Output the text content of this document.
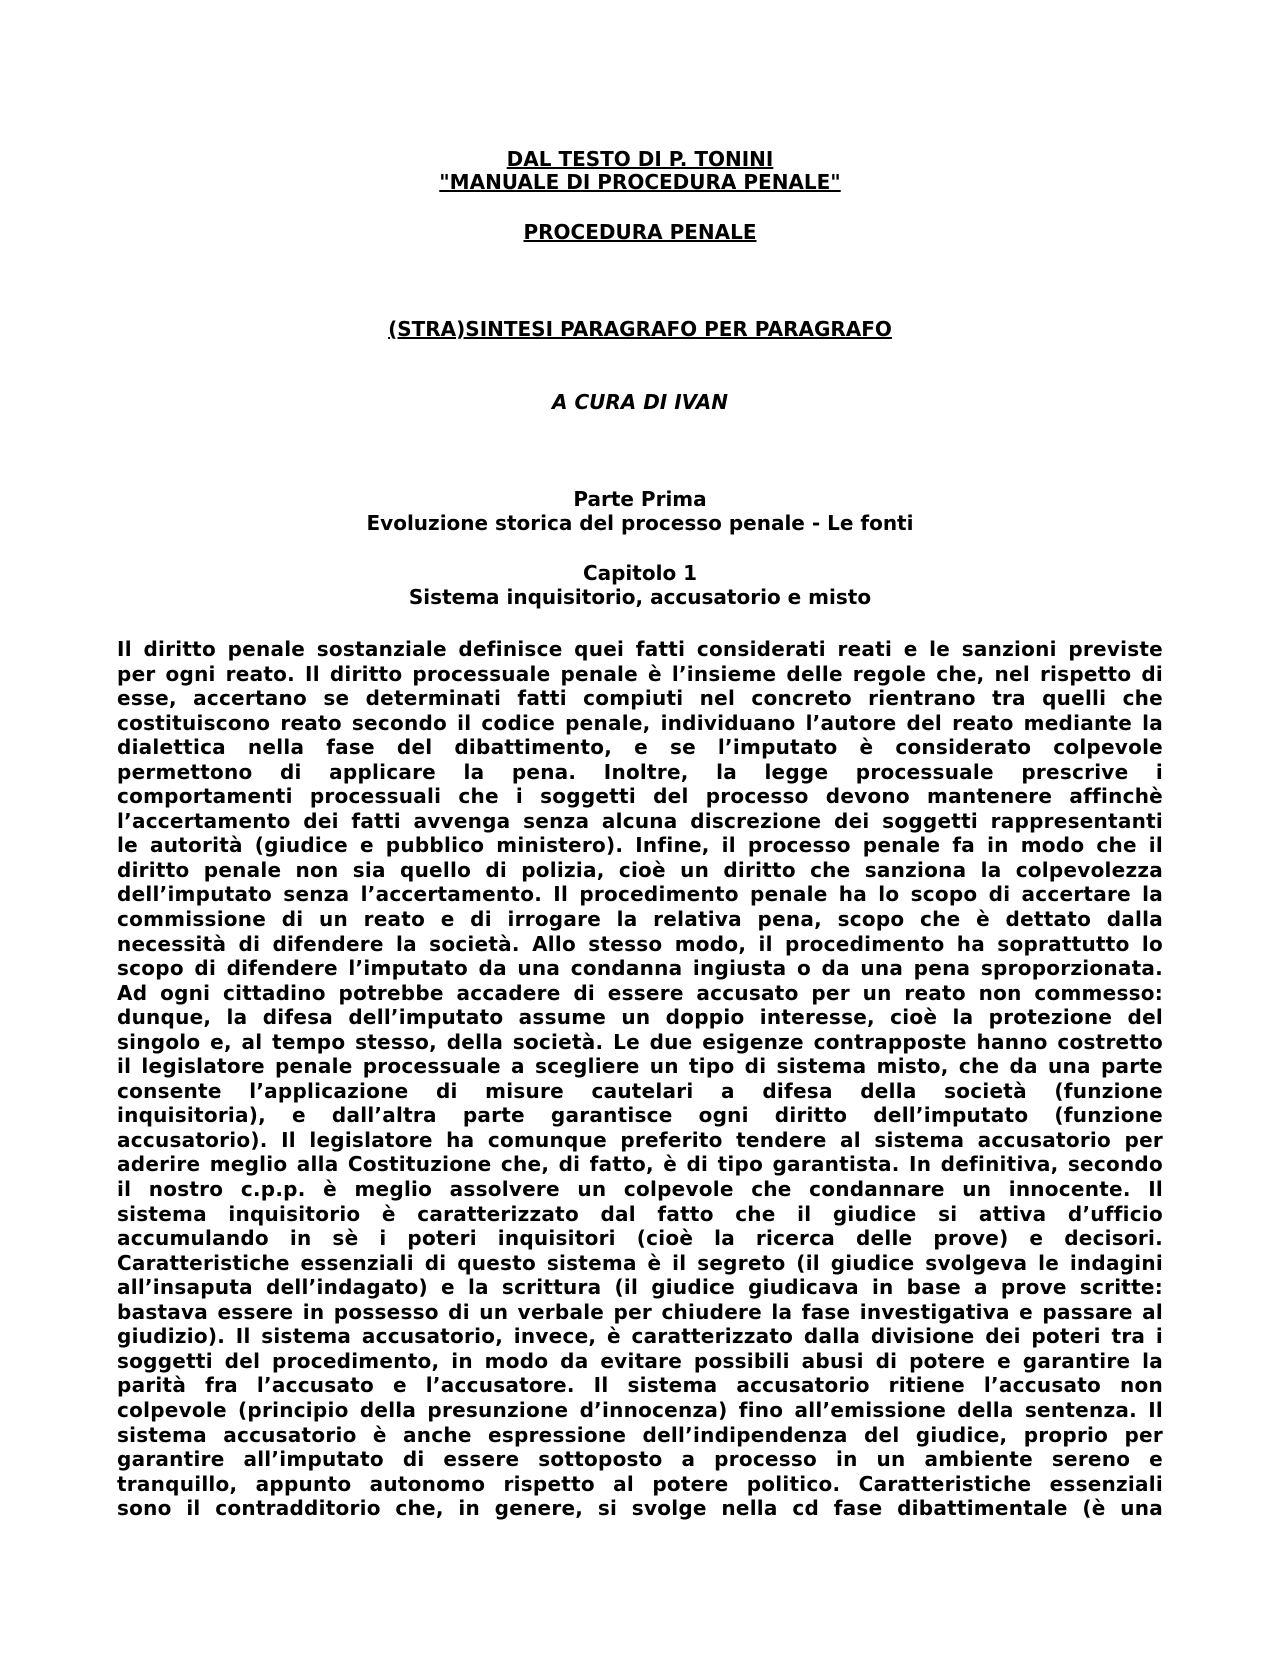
DAL TESTO DI P. TONINI
"MANUALE DI PROCEDURA PENALE"
PROCEDURA PENALE
(STRA)SINTESI PARAGRAFO PER PARAGRAFO
A CURA DI IVAN
Parte Prima
Evoluzione storica del processo penale - Le fonti
Capitolo 1
Sistema inquisitorio, accusatorio e misto
Il diritto penale sostanziale definisce quei fatti considerati reati e le sanzioni previste
per ogni reato. Il diritto processuale penale è l’insieme delle regole che, nel rispetto di
esse, accertano se determinati fatti compiuti nel concreto rientrano tra quelli che
costituiscono reato secondo il codice penale, individuano l’autore del reato mediante la
dialettica nella fase del dibattimento, e se l’imputato è considerato colpevole
permettono di applicare la pena. Inoltre, la legge processuale prescrive i
comportamenti processuali che i soggetti del processo devono mantenere affinchè
l’accertamento dei fatti avvenga senza alcuna discrezione dei soggetti rappresentanti
le autorità (giudice e pubblico ministero). Infine, il processo penale fa in modo che il
diritto penale non sia quello di polizia, cioè un diritto che sanziona la colpevolezza
dell’imputato senza l’accertamento. Il procedimento penale ha lo scopo di accertare la
commissione di un reato e di irrogare la relativa pena, scopo che è dettato dalla
necessità di difendere la società. Allo stesso modo, il procedimento ha soprattutto lo
scopo di difendere l’imputato da una condanna ingiusta o da una pena sproporzionata.
Ad ogni cittadino potrebbe accadere di essere accusato per un reato non commesso:
dunque, la difesa dell’imputato assume un doppio interesse, cioè la protezione del
singolo e, al tempo stesso, della società. Le due esigenze contrapposte hanno costretto
il legislatore penale processuale a scegliere un tipo di sistema misto, che da una parte
consente l’applicazione di misure cautelari a difesa della società (funzione
inquisitoria), e dall’altra parte garantisce ogni diritto dell’imputato (funzione
accusatorio). Il legislatore ha comunque preferito tendere al sistema accusatorio per
aderire meglio alla Costituzione che, di fatto, è di tipo garantista. In definitiva, secondo
il nostro c.p.p. è meglio assolvere un colpevole che condannare un innocente. Il
sistema inquisitorio è caratterizzato dal fatto che il giudice si attiva d’ufficio
accumulando in sè i poteri inquisitori (cioè la ricerca delle prove) e decisori.
Caratteristiche essenziali di questo sistema è il segreto (il giudice svolgeva le indagini
all’insaputa dell’indagato) e la scrittura (il giudice giudicava in base a prove scritte:
bastava essere in possesso di un verbale per chiudere la fase investigativa e passare al
giudizio). Il sistema accusatorio, invece, è caratterizzato dalla divisione dei poteri tra i
soggetti del procedimento, in modo da evitare possibili abusi di potere e garantire la
parità fra l’accusato e l’accusatore. Il sistema accusatorio ritiene l’accusato non
colpevole (principio della presunzione d’innocenza) fino all’emissione della sentenza. Il
sistema accusatorio è anche espressione dell’indipendenza del giudice, proprio per
garantire all’imputato di essere sottoposto a processo in un ambiente sereno e
tranquillo, appunto autonomo rispetto al potere politico. Caratteristiche essenziali
sono il contradditorio che, in genere, si svolge nella cd fase dibattimentale (è una
